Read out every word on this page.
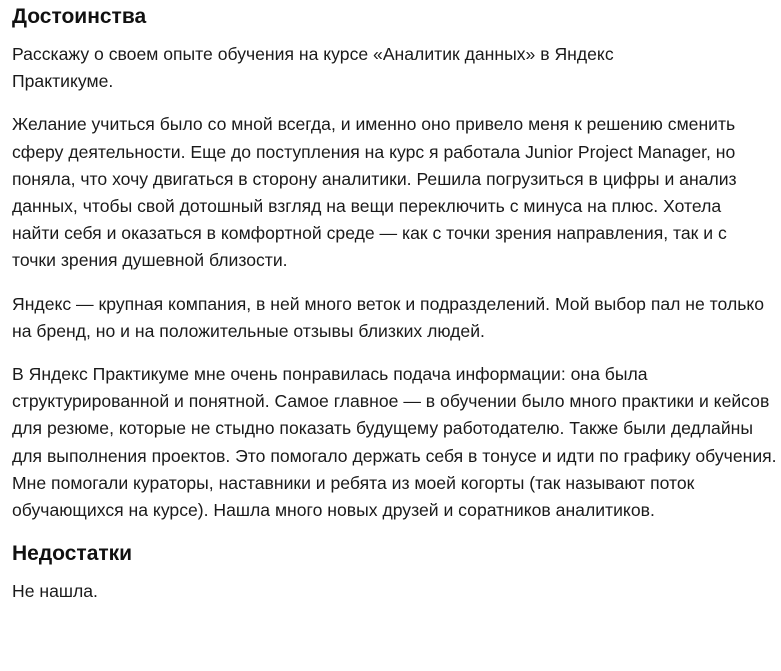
Достоинства

Расскажу о своем опыте обучения на курсе «Аналитик данных» в Яндекс Практикуме.

Желание учиться было со мной всегда, и именно оно привело меня к решению сменить сферу деятельности. Еще до поступления на курс я работала Junior Project Manager, но поняла, что хочу двигаться в сторону аналитики. Решила погрузиться в цифры и анализ данных, чтобы свой дотошный взгляд на вещи переключить с минуса на плюс. Хотела найти себя и оказаться в комфортной среде — как с точки зрения направления, так и с точки зрения душевной близости.

Яндекс — крупная компания, в ней много веток и подразделений. Мой выбор пал не только на бренд, но и на положительные отзывы близких людей.

В Яндекс Практикуме мне очень понравилась подача информации: она была структурированной и понятной. Самое главное — в обучении было много практики и кейсов для резюме, которые не стыдно показать будущему работодателю. Также были дедлайны для выполнения проектов. Это помогало держать себя в тонусе и идти по графику обучения. Мне помогали кураторы, наставники и ребята из моей когорты (так называют поток обучающихся на курсе). Нашла много новых друзей и соратников аналитиков.

Недостатки

Не нашла.
